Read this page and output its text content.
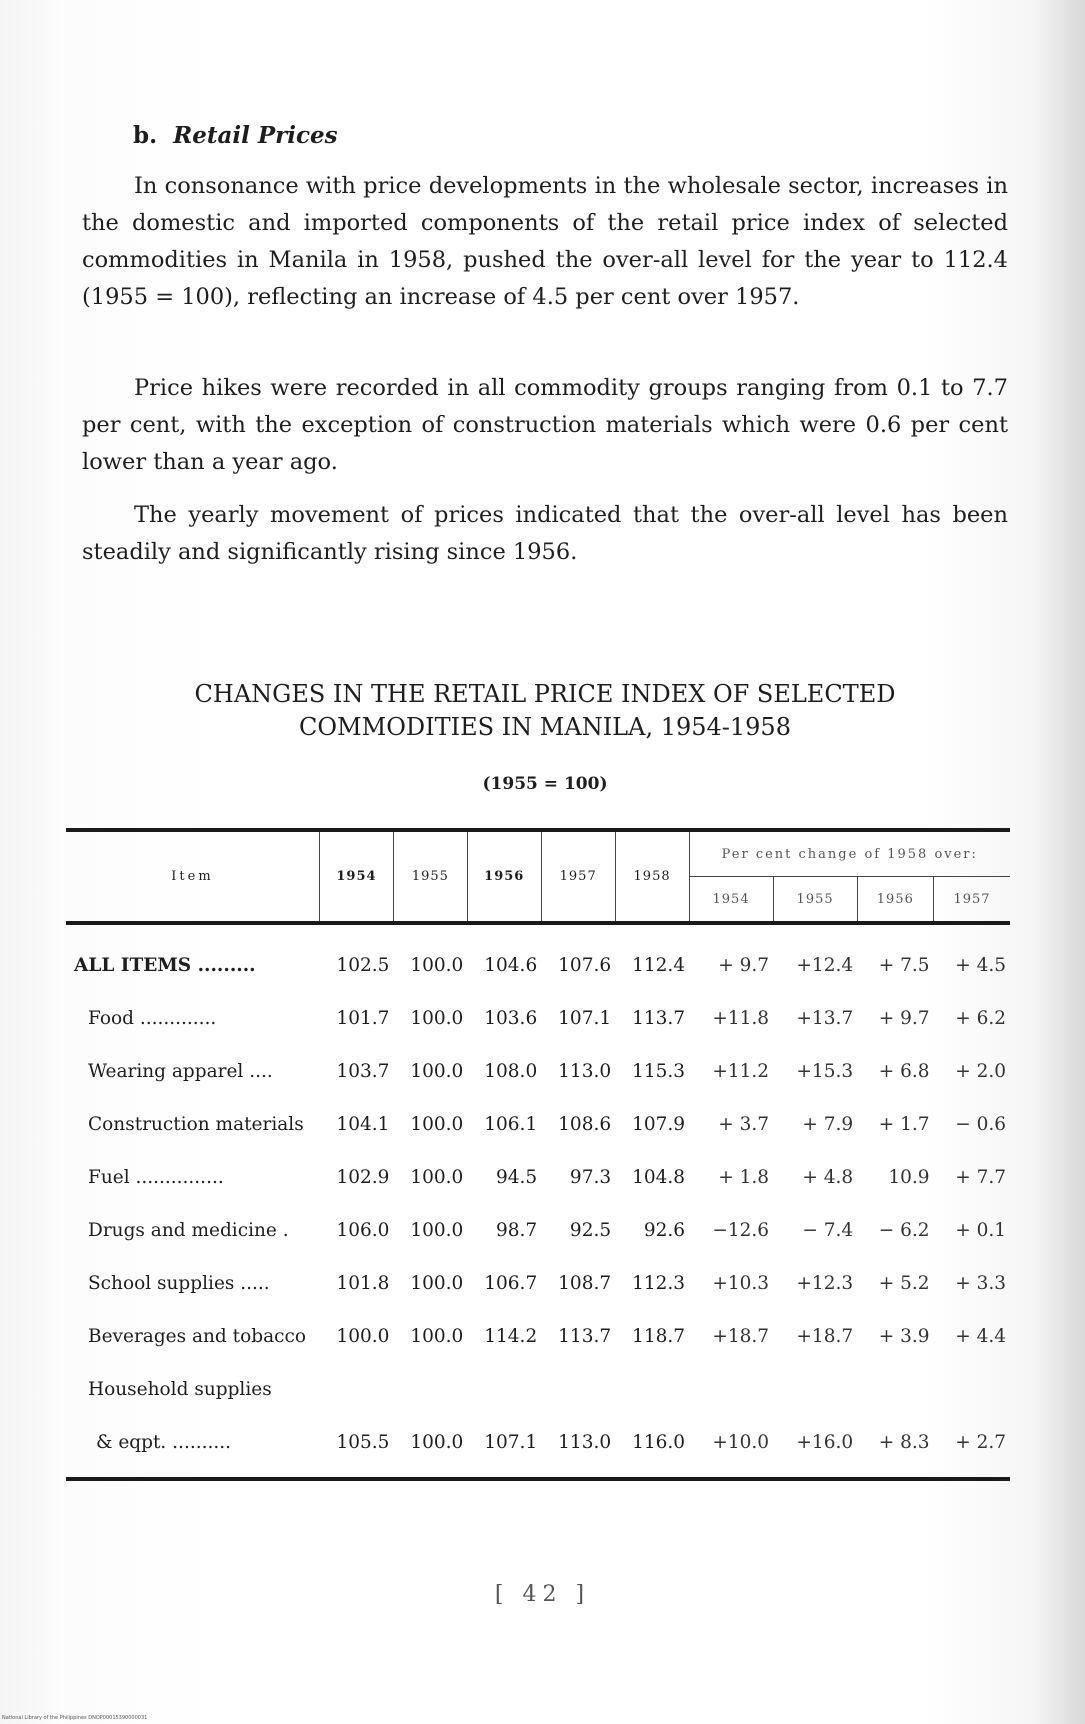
b. Retail Prices

In consonance with price developments in the wholesale sector, increases in the domestic and imported components of the retail price index of selected commodities in Manila in 1958, pushed the over-all level for the year to 112.4 (1955 = 100), reflecting an increase of 4.5 per cent over 1957.

Price hikes were recorded in all commodity groups ranging from 0.1 to 7.7 per cent, with the exception of construction materials which were 0.6 per cent lower than a year ago.

The yearly movement of prices indicated that the over-all level has been steadily and significantly rising since 1956.

CHANGES IN THE RETAIL PRICE INDEX OF SELECTED
COMMODITIES IN MANILA, 1954-1958
(1955 = 100)
Item	1954	1955	1956	1957	1958	Per cent change of 1958 over:			
						1954	1955	1956	1957
ALL ITEMS .........	102.5	100.0	104.6	107.6	112.4	+ 9.7	+12.4	+ 7.5	+ 4.5
Food .............	101.7	100.0	103.6	107.1	113.7	+11.8	+13.7	+ 9.7	+ 6.2
Wearing apparel ....	103.7	100.0	108.0	113.0	115.3	+11.2	+15.3	+ 6.8	+ 2.0
Construction materials	104.1	100.0	106.1	108.6	107.9	+ 3.7	+ 7.9	+ 1.7	− 0.6
Fuel ...............	102.9	100.0	94.5	97.3	104.8	+ 1.8	+ 4.8	10.9	+ 7.7
Drugs and medicine .	106.0	100.0	98.7	92.5	92.6	−12.6	− 7.4	− 6.2	+ 0.1
School supplies .....	101.8	100.0	106.7	108.7	112.3	+10.3	+12.3	+ 5.2	+ 3.3
Beverages and tobacco	100.0	100.0	114.2	113.7	118.7	+18.7	+18.7	+ 3.9	+ 4.4
Household supplies									
& eqpt. ..........	105.5	100.0	107.1	113.0	116.0	+10.0	+16.0	+ 8.3	+ 2.7
[ 42 ]
National Library of the Philippines DNOP00015390000031
